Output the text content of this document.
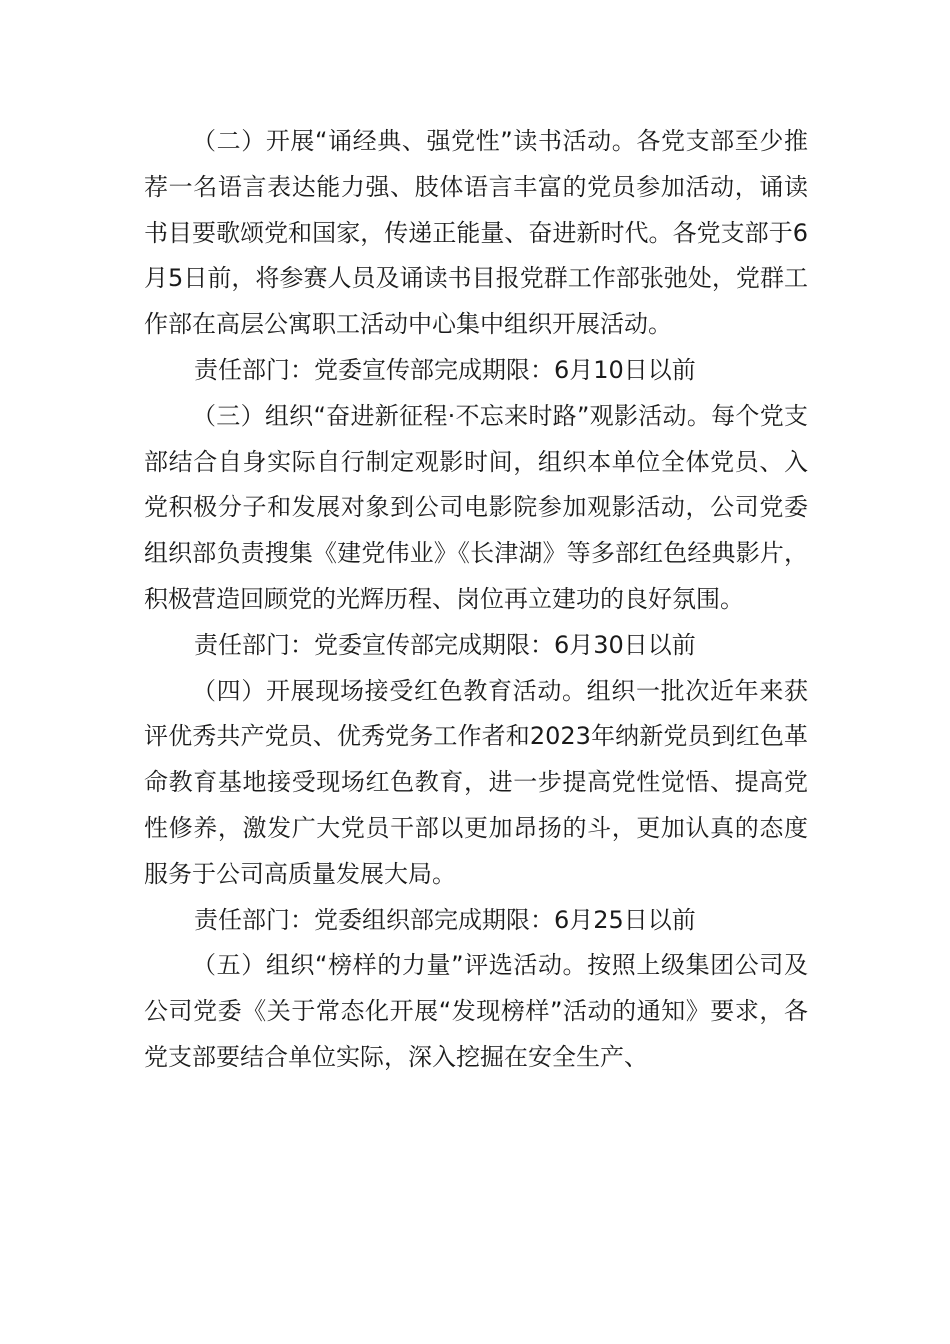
（二）开展“诵经典、强党性”读书活动。各党支部至少推荐一名语言表达能力强、肢体语言丰富的党员参加活动，诵读书目要歌颂党和国家，传递正能量、奋进新时代。各党支部于6月5日前，将参赛人员及诵读书目报党群工作部张弛处，党群工作部在高层公寓职工活动中心集中组织开展活动。

责任部门：党委宣传部完成期限：6月10日以前

（三）组织“奋进新征程·不忘来时路”观影活动。每个党支部结合自身实际自行制定观影时间，组织本单位全体党员、入党积极分子和发展对象到公司电影院参加观影活动，公司党委组织部负责搜集《建党伟业》《长津湖》等多部红色经典影片，积极营造回顾党的光辉历程、岗位再立建功的良好氛围。

责任部门：党委宣传部完成期限：6月30日以前

（四）开展现场接受红色教育活动。组织一批次近年来获评优秀共产党员、优秀党务工作者和2023年纳新党员到红色革命教育基地接受现场红色教育，进一步提高党性觉悟、提高党性修养，激发广大党员干部以更加昂扬的斗，更加认真的态度服务于公司高质量发展大局。

责任部门：党委组织部完成期限：6月25日以前

（五）组织“榜样的力量”评选活动。按照上级集团公司及公司党委《关于常态化开展“发现榜样”活动的通知》要求，各党支部要结合单位实际，深入挖掘在安全生产、
